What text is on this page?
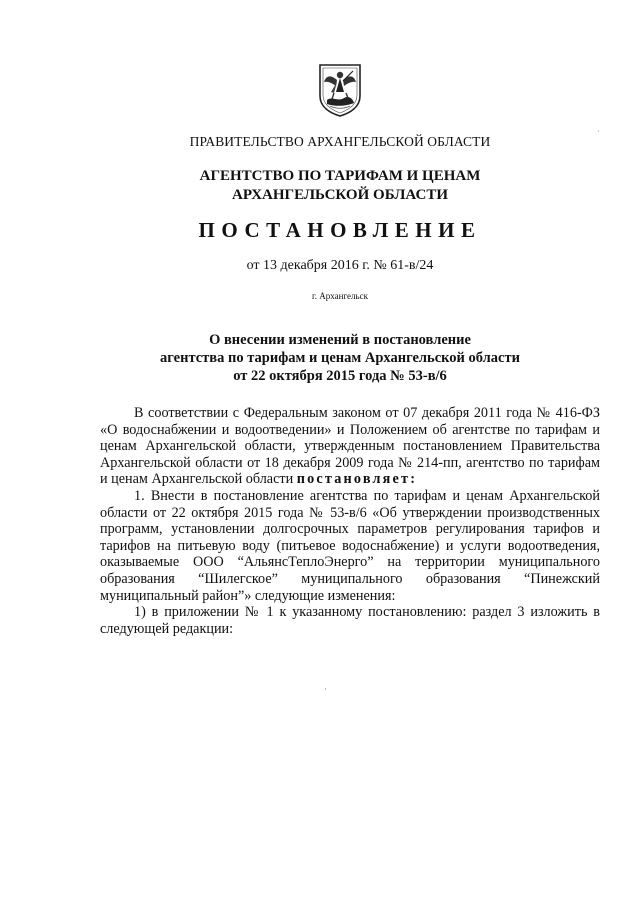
ПРАВИТЕЛЬСТВО АРХАНГЕЛЬСКОЙ ОБЛАСТИ
АГЕНТСТВО ПО ТАРИФАМ И ЦЕНАМ
АРХАНГЕЛЬСКОЙ ОБЛАСТИ
ПОСТАНОВЛЕНИЕ
от 13 декабря 2016 г. № 61-в/24
г. Архангельск
О внесении изменений в постановление
агентства по тарифам и ценам Архангельской области
от 22 октября 2015 года № 53-в/6

В соответствии с Федеральным законом от 07 декабря 2011 года № 416-ФЗ «О водоснабжении и водоотведении» и Положением об агентстве по тарифам и ценам Архангельской области, утвержденным постановлением Правительства Архангельской области от 18 декабря 2009 года № 214-пп, агентство по тарифам и ценам Архангельской области постановляет:

1. Внести в постановление агентства по тарифам и ценам Архангельской области от 22 октября 2015 года № 53-в/6 «Об утверждении производственных программ, установлении долгосрочных параметров регулирования тарифов и тарифов на питьевую воду (питьевое водоснабжение) и услуги водоотведения, оказываемые ООО “АльянсТеплоЭнерго” на территории муниципального образования “Шилегское” муниципального образования “Пинежский муниципальный район”» следующие изменения:

1) в приложении № 1 к указанному постановлению: раздел 3 изложить в следующей редакции:
